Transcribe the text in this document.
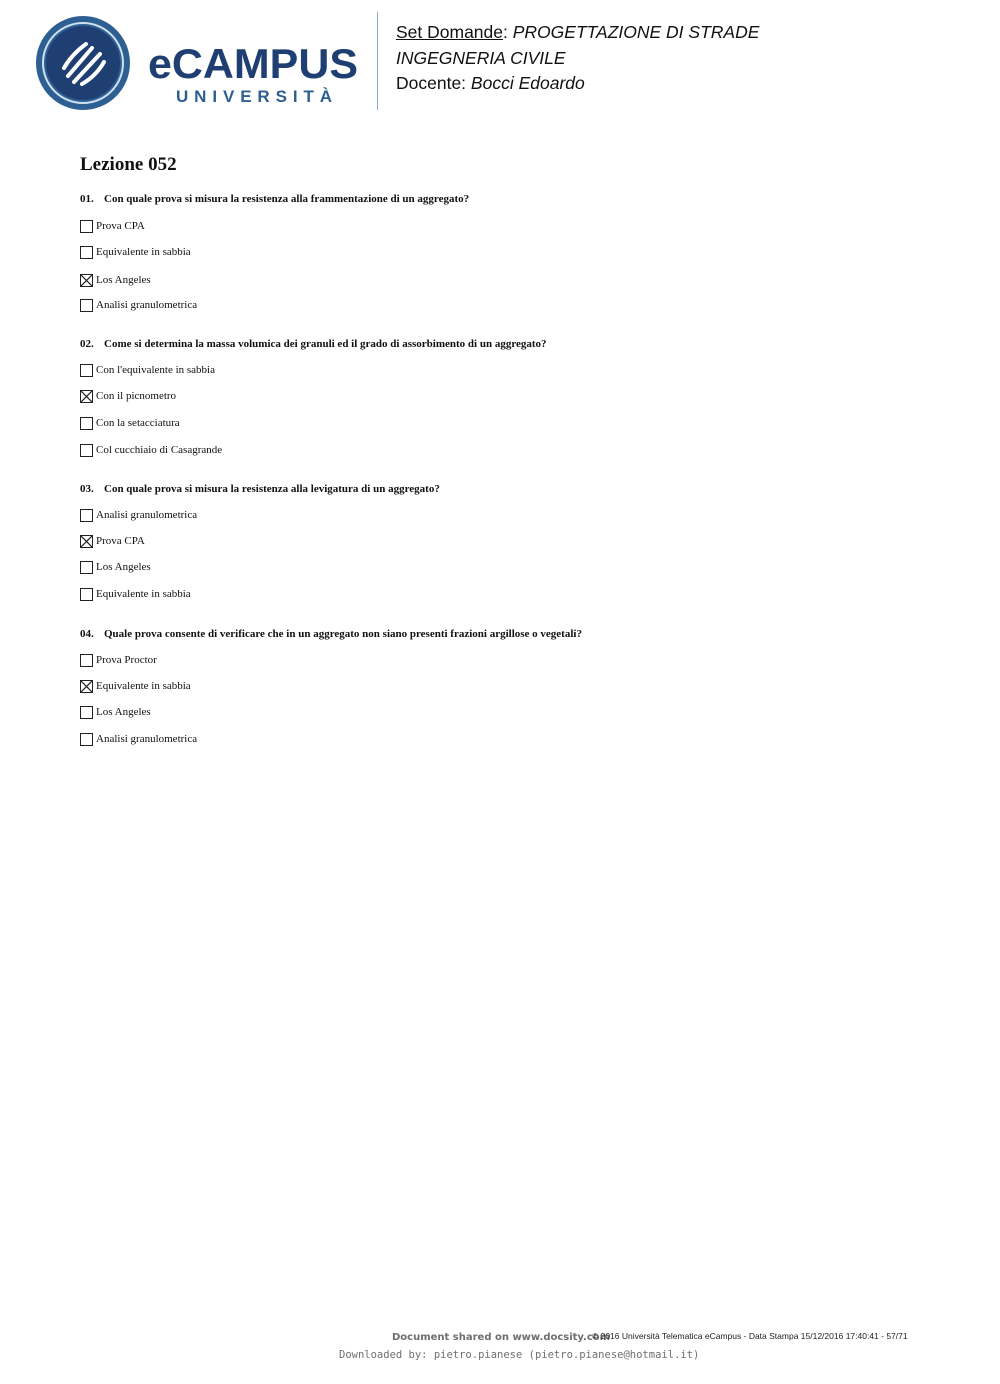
eCAMPUS
UNIVERSITÀ
Set Domande: PROGETTAZIONE DI STRADE
INGEGNERIA CIVILE
Docente: Bocci Edoardo
Lezione 052
01. Con quale prova si misura la resistenza alla frammentazione di un aggregato?
Prova CPA
Equivalente in sabbia
Los Angeles
Analisi granulometrica
02. Come si determina la massa volumica dei granuli ed il grado di assorbimento di un aggregato?
Con l'equivalente in sabbia
Con il picnometro
Con la setacciatura
Col cucchiaio di Casagrande
03. Con quale prova si misura la resistenza alla levigatura di un aggregato?
Analisi granulometrica
Prova CPA
Los Angeles
Equivalente in sabbia
04. Quale prova consente di verificare che in un aggregato non siano presenti frazioni argillose o vegetali?
Prova Proctor
Equivalente in sabbia
Los Angeles
Analisi granulometrica
Document shared on www.docsity.com
© 2016 Università Telematica eCampus - Data Stampa 15/12/2016 17:40:41 - 57/71
Downloaded by: pietro.pianese (pietro.pianese@hotmail.it)
